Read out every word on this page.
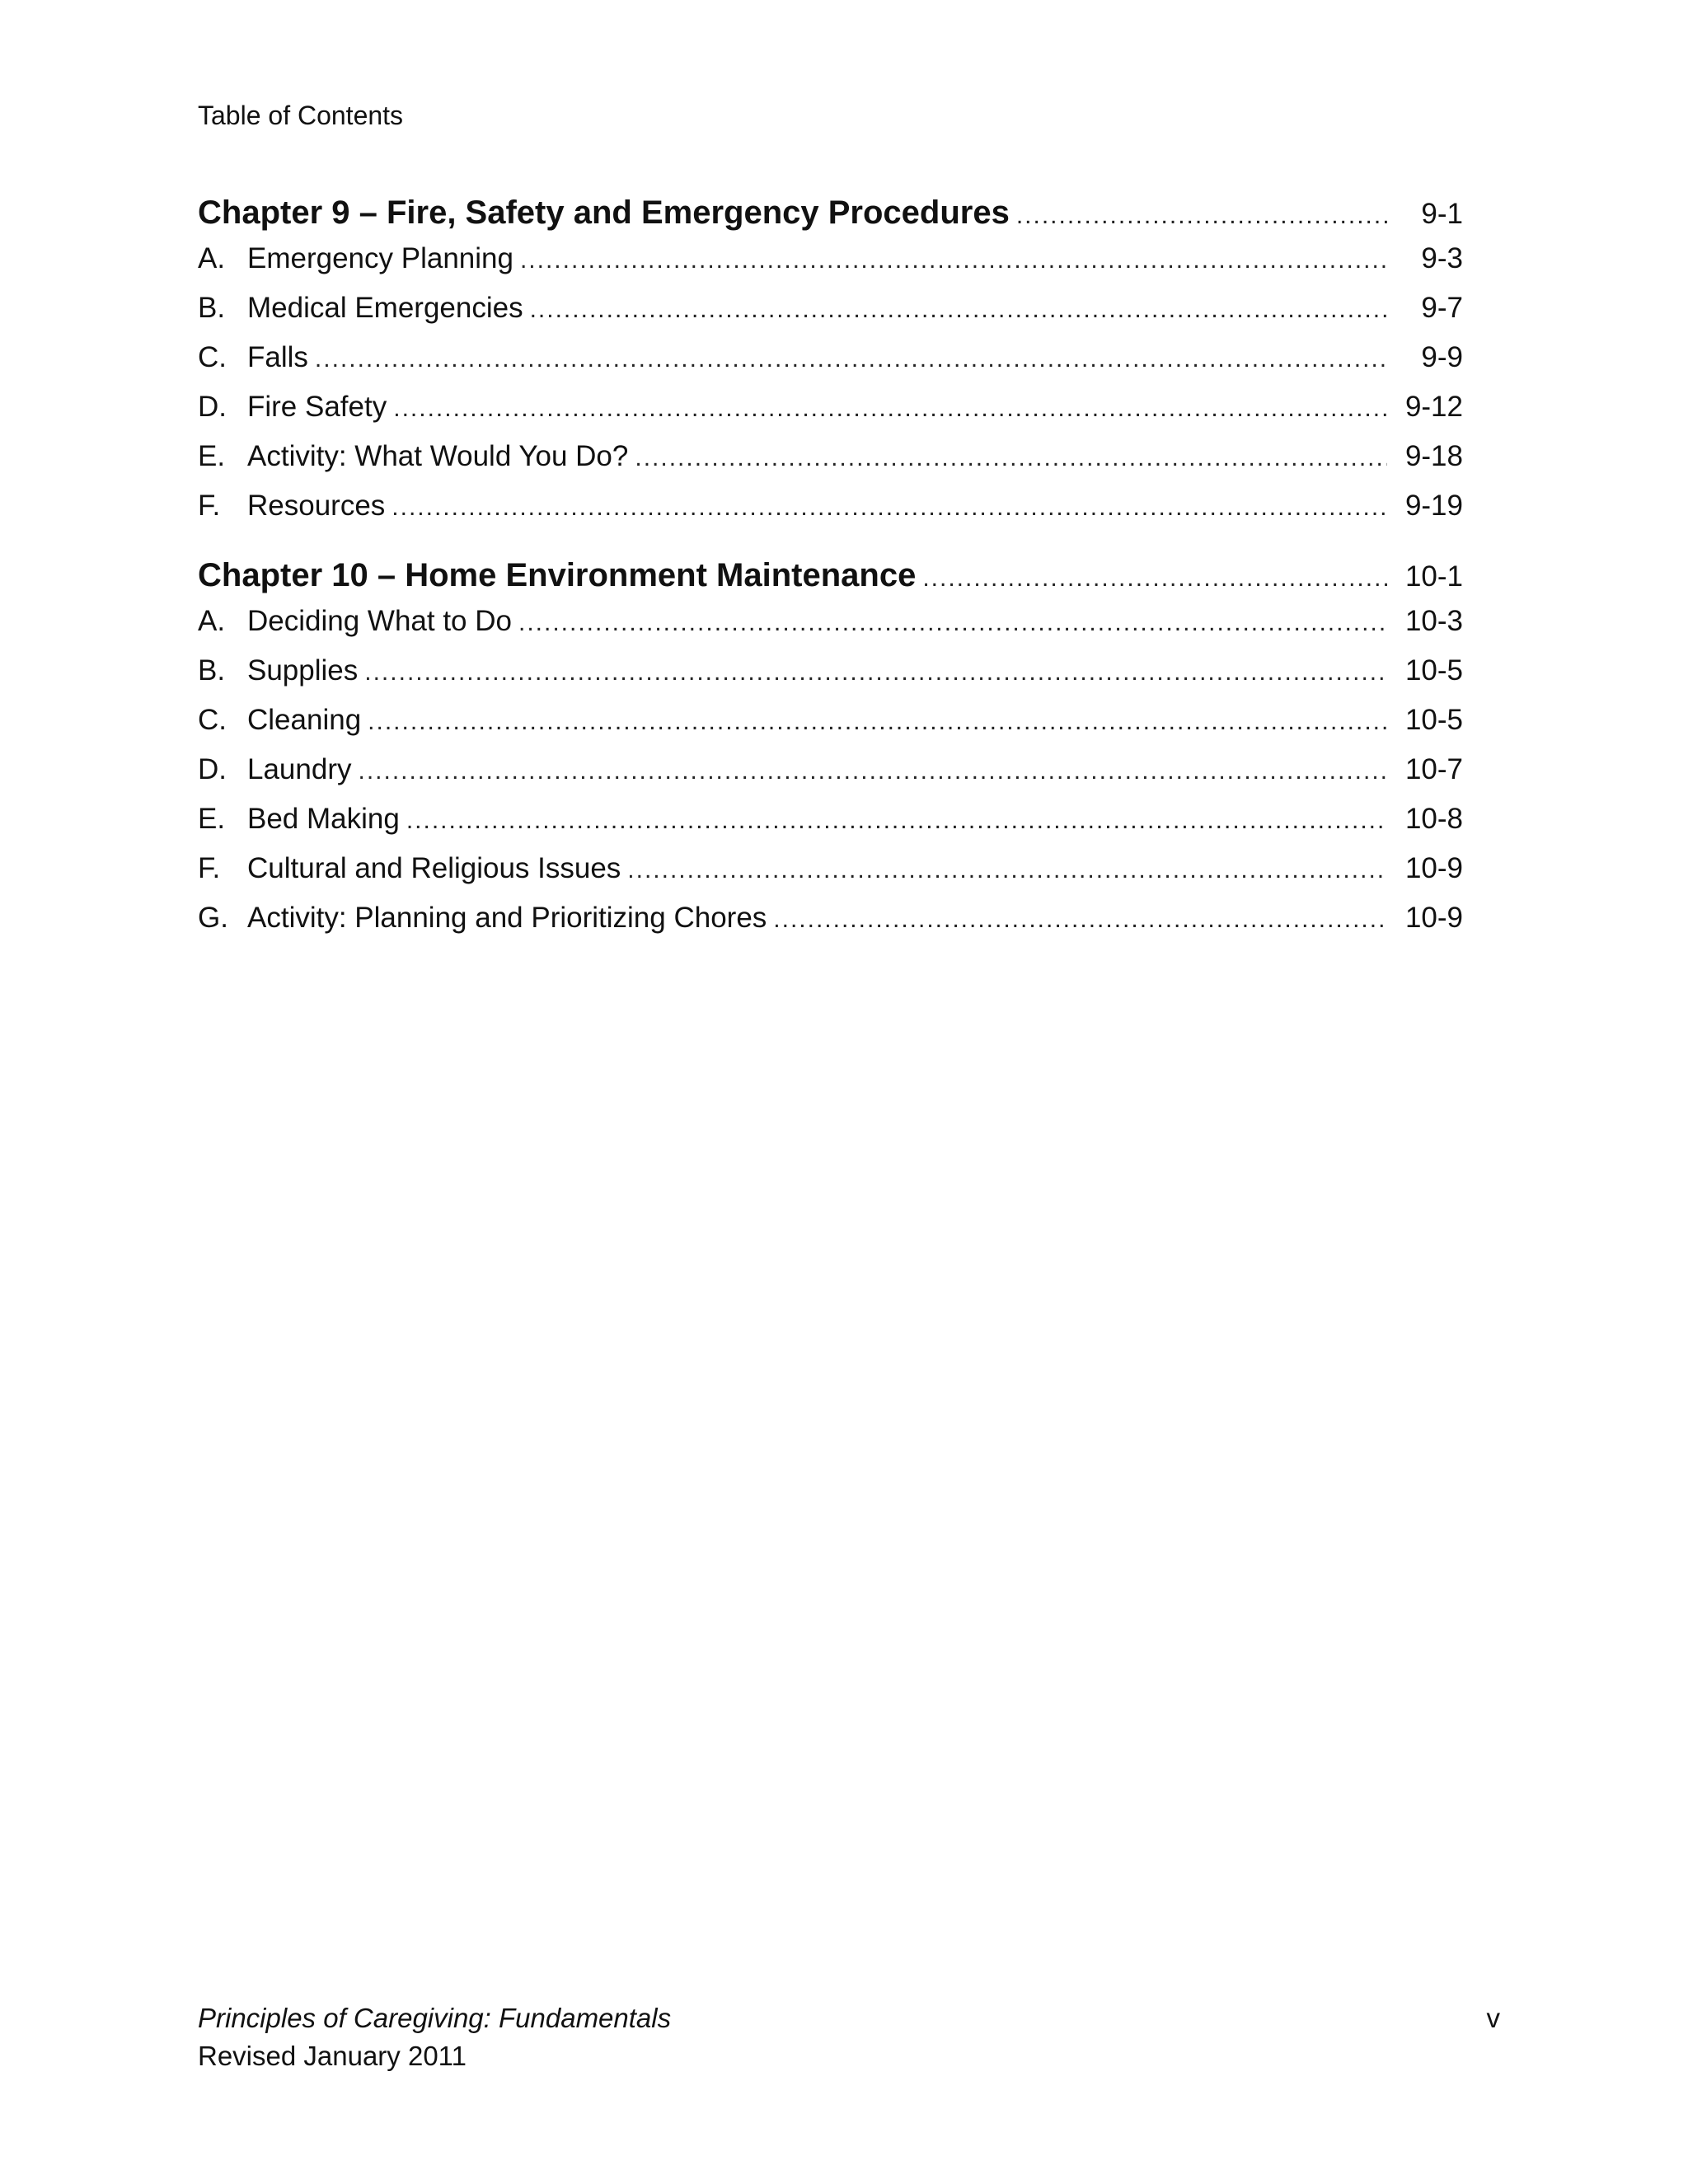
Table of Contents
Chapter 9 – Fire, Safety and Emergency Procedures .....	9-1
A. Emergency Planning .....	9-3
B. Medical Emergencies .....	9-7
C. Falls .....	9-9
D. Fire Safety .....	9-12
E. Activity: What Would You Do? .....	9-18
F. Resources .....	9-19
Chapter 10 – Home Environment Maintenance .....	10-1
A. Deciding What to Do .....	10-3
B. Supplies .....	10-5
C. Cleaning .....	10-5
D. Laundry .....	10-7
E. Bed Making .....	10-8
F. Cultural and Religious Issues .....	10-9
G. Activity: Planning and Prioritizing Chores .....	10-9
Principles of Caregiving: Fundamentals
Revised January 2011
v
